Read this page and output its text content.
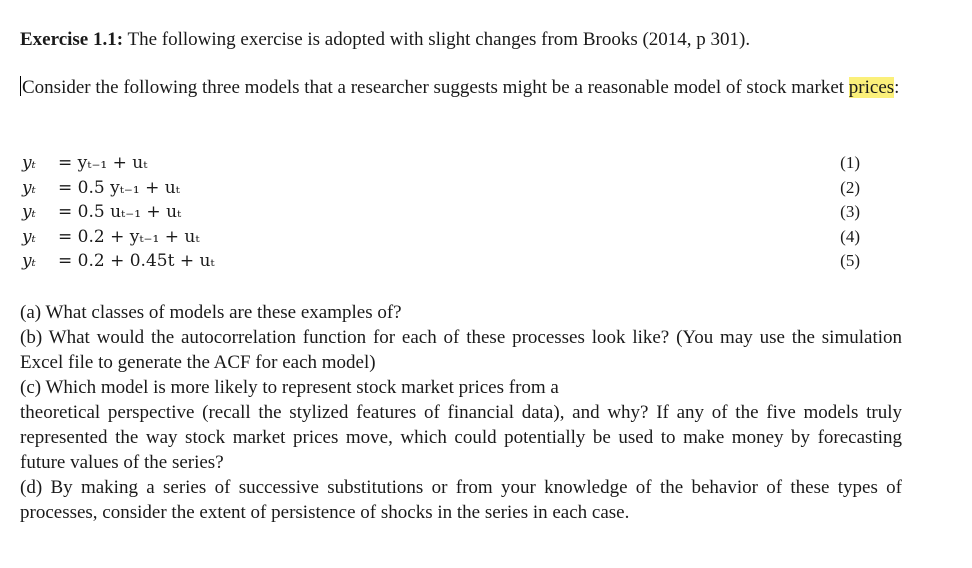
Exercise 1.1: The following exercise is adopted with slight changes from Brooks (2014, p 301).
Consider the following three models that a researcher suggests might be a reasonable model of stock market prices:
yₜ = yₜ₋₁ + uₜ	(1)
yₜ = 0.5 yₜ₋₁ + uₜ	(2)
yₜ = 0.5 uₜ₋₁ + uₜ	(3)
yₜ = 0.2 + yₜ₋₁ + uₜ	(4)
yₜ = 0.2 + 0.45t + uₜ	(5)
(a) What classes of models are these examples of?
(b) What would the autocorrelation function for each of these processes look like? (You may use the simulation Excel file to generate the ACF for each model)
(c) Which model is more likely to represent stock market prices from a
theoretical perspective (recall the stylized features of financial data), and why? If any of the five models truly represented the way stock market prices move, which could potentially be used to make money by forecasting future values of the series?
(d) By making a series of successive substitutions or from your knowledge of the behavior of these types of processes, consider the extent of persistence of shocks in the series in each case.
